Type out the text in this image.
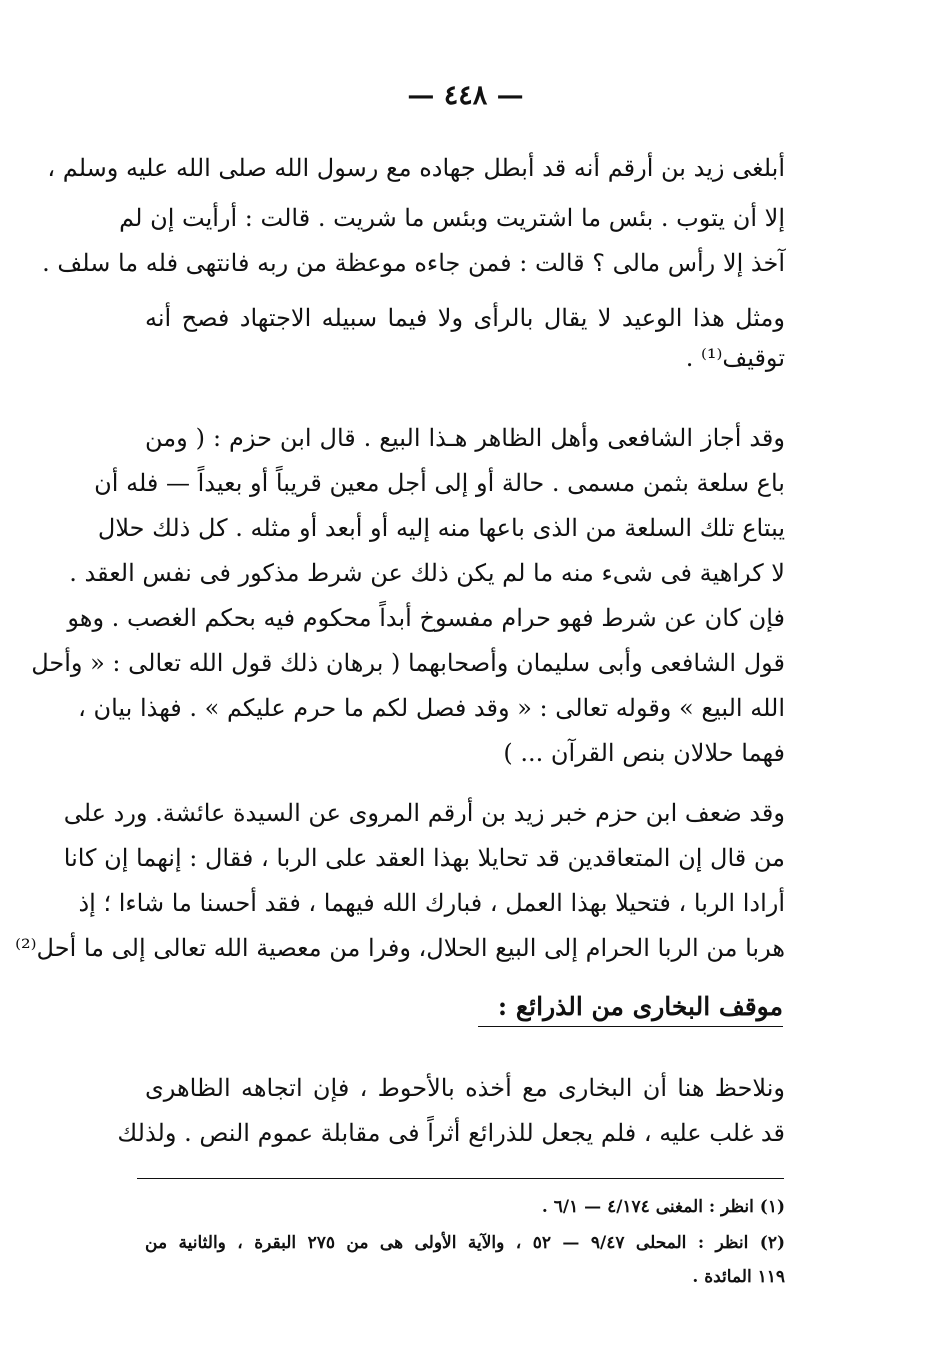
— ٤٤٨ —
أبلغى زيد بن أرقم أنه قد أبطل جهاده مع رسول الله صلى الله عليه وسلم ،
إلا أن يتوب . بئس ما اشتريت وبئس ما شريت . قالت : أرأيت إن لم
آخذ إلا رأس مالى ؟ قالت : فمن جاءه موعظة من ربه فانتهى فله ما سلف .
ومثل هذا الوعيد لا يقال بالرأى ولا فيما سبيله الاجتهاد فصح أنه
توقيف⁽¹⁾ .
وقد أجاز الشافعى وأهل الظاهر هـذا البيع . قال ابن حزم : ( ومن
باع سلعة بثمن مسمى . حالة أو إلى أجل معين قريباً أو بعيداً — فله أن
يبتاع تلك السلعة من الذى باعها منه إليه أو أبعد أو مثله . كل ذلك حلال
لا كراهية فى شىء منه ما لم يكن ذلك عن شرط مذكور فى نفس العقد .
فإن كان عن شرط فهو حرام مفسوخ أبداً محكوم فيه بحكم الغصب . وهو
قول الشافعى وأبى سليمان وأصحابهما ( برهان ذلك قول الله تعالى : « وأحل
الله البيع » وقوله تعالى : « وقد فصل لكم ما حرم عليكم » . فهذا بيان ،
فهما حلالان بنص القرآن ... )
وقد ضعف ابن حزم خبر زيد بن أرقم المروى عن السيدة عائشة. ورد على
من قال إن المتعاقدين قد تحايلا بهذا العقد على الربا ، فقال : إنهما إن كانا
أرادا الربا ، فتحيلا بهذا العمل ، فبارك الله فيهما ، فقد أحسنا ما شاءا ؛ إذ
هربا من الربا الحرام إلى البيع الحلال، وفرا من معصية الله تعالى إلى ما أحل⁽²⁾
موقف البخارى من الذرائع :
ونلاحظ هنا أن البخارى مع أخذه بالأحوط ، فإن اتجاهه الظاهرى
قد غلب عليه ، فلم يجعل للذرائع أثراً فى مقابلة عموم النص . ولذلك
(١) انظر : المغنى ٤/١٧٤ — ٦/١ .
(٢) انظر : المحلى ٩/٤٧ — ٥٢ ، والآية الأولى هى من ٢٧٥ البقرة ، والثانية من
١١٩ المائدة .
